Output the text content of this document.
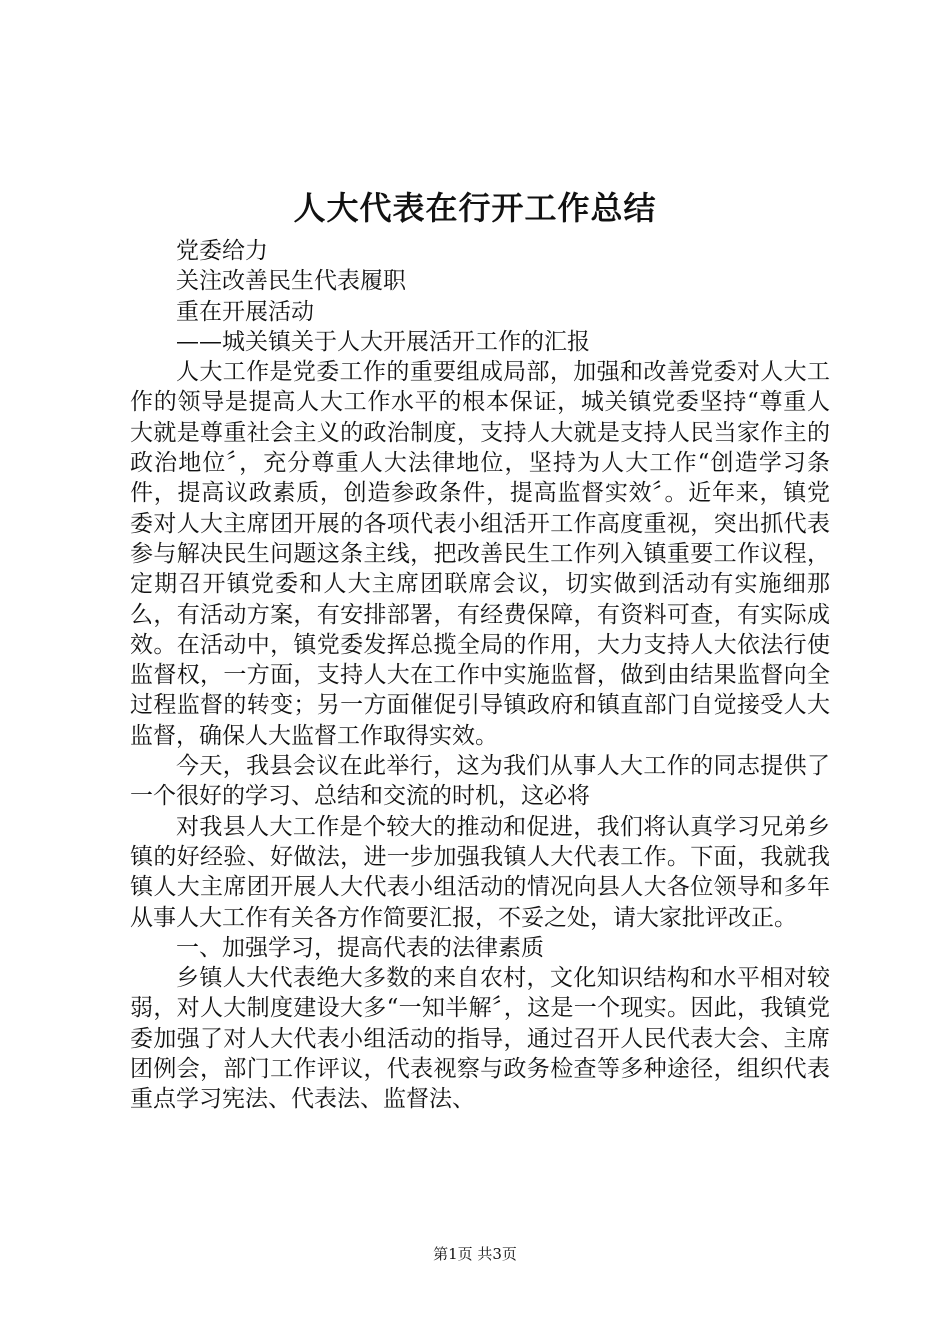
人大代表在行开工作总结

党委给力

关注改善民生代表履职

重在开展活动

——城关镇关于人大开展活开工作的汇报

人大工作是党委工作的重要组成局部，加强和改善党委对人大工作的领导是提高人大工作水平的根本保证，城关镇党委坚持“尊重人大就是尊重社会主义的政治制度，支持人大就是支持人民当家作主的政治地位〞，充分尊重人大法律地位，坚持为人大工作“创造学习条件，提高议政素质，创造参政条件，提高监督实效〞。近年来，镇党委对人大主席团开展的各项代表小组活开工作高度重视，突出抓代表参与解决民生问题这条主线，把改善民生工作列入镇重要工作议程，定期召开镇党委和人大主席团联席会议，切实做到活动有实施细那么，有活动方案，有安排部署，有经费保障，有资料可查，有实际成效。在活动中，镇党委发挥总揽全局的作用，大力支持人大依法行使监督权，一方面，支持人大在工作中实施监督，做到由结果监督向全过程监督的转变；另一方面催促引导镇政府和镇直部门自觉接受人大监督，确保人大监督工作取得实效。

今天，我县会议在此举行，这为我们从事人大工作的同志提供了一个很好的学习、总结和交流的时机，这必将

对我县人大工作是个较大的推动和促进，我们将认真学习兄弟乡镇的好经验、好做法，进一步加强我镇人大代表工作。下面，我就我镇人大主席团开展人大代表小组活动的情况向县人大各位领导和多年从事人大工作有关各方作简要汇报，不妥之处，请大家批评改正。

一、加强学习，提高代表的法律素质

乡镇人大代表绝大多数的来自农村，文化知识结构和水平相对较弱，对人大制度建设大多“一知半解〞，这是一个现实。因此，我镇党委加强了对人大代表小组活动的指导，通过召开人民代表大会、主席团例会，部门工作评议，代表视察与政务检查等多种途径，组织代表重点学习宪法、代表法、监督法、

第1页 共3页
